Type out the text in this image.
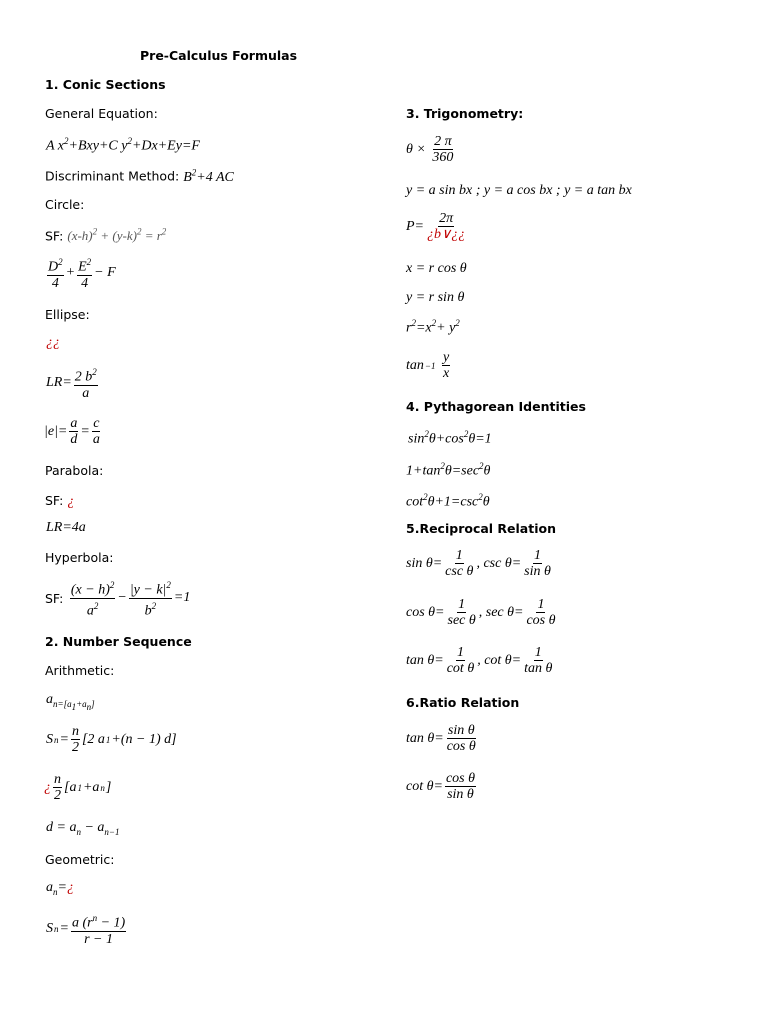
Pre-Calculus Formulas
1. Conic Sections
General Equation:
A $x^2+Bxy+C$ $y^2+Dx+Ey=F$
Discriminant Method: $B^2+4$ AC
Circle:
SF: $(x-h)^2 + (y-k)^2 = r^2$
$\frac{D^2}{4} + \frac{E^2}{4} - F$
Ellipse:
¿¿
$LR= \frac{2 b^2}{a}$
$|e|= \frac{a}{d} = \frac{c}{a}$
Parabola:
SF: ¿
LR=4a
Hyperbola:
SF:
$\frac{(x - h)^2}{a^2} - \frac{|y - k|^2}{b^2} =1$
2. Number Sequence
Arithmetic:
$a_{n=[a_1+a_n]}$
S $n = \frac{n}{2} [2$ a 1 +(n − 1) d]
¿ $\frac{n}{2} [a$ 1 +a n ]
$d = a_n - a_{n-1}$
Geometric:
$a_n=¿$
S $n = \frac{a (r^n - 1)}{r - 1}$
3. Trigonometry:
$\theta \times \frac{2 \pi}{360}$
y = a sin bx ; y = a cos bx ; y = a tan bx
$P= \frac{2\pi}{¿b\vee¿¿}$
x = r cos θ
y = r sin θ
$r^2=x^2+ y^2$
tan −1
$\frac{y}{x}$
4. Pythagorean Identities
$\sin^2\theta+\cos^2\theta=1$
$1+\tan^2\theta=\sec^2\theta$
$\cot^2\theta+1=\csc^2\theta$
5.Reciprocal Relation
$\sin \theta= \frac{1}{\text{csc θ}}$ , $\csc \theta= \frac{1}{\text{sin θ}}$
$\cos \theta= \frac{1}{\text{sec θ}}$ , $\sec \theta= \frac{1}{\text{cos θ}}$
$\tan \theta= \frac{1}{\text{cot θ}}$ , $\cot \theta= \frac{1}{\text{tan θ}}$
6.Ratio Relation
$\tan \theta= \frac{\text{sin θ}}{\text{cos θ}}$
$\cot \theta= \frac{\text{cos θ}}{\text{sin θ}}$
